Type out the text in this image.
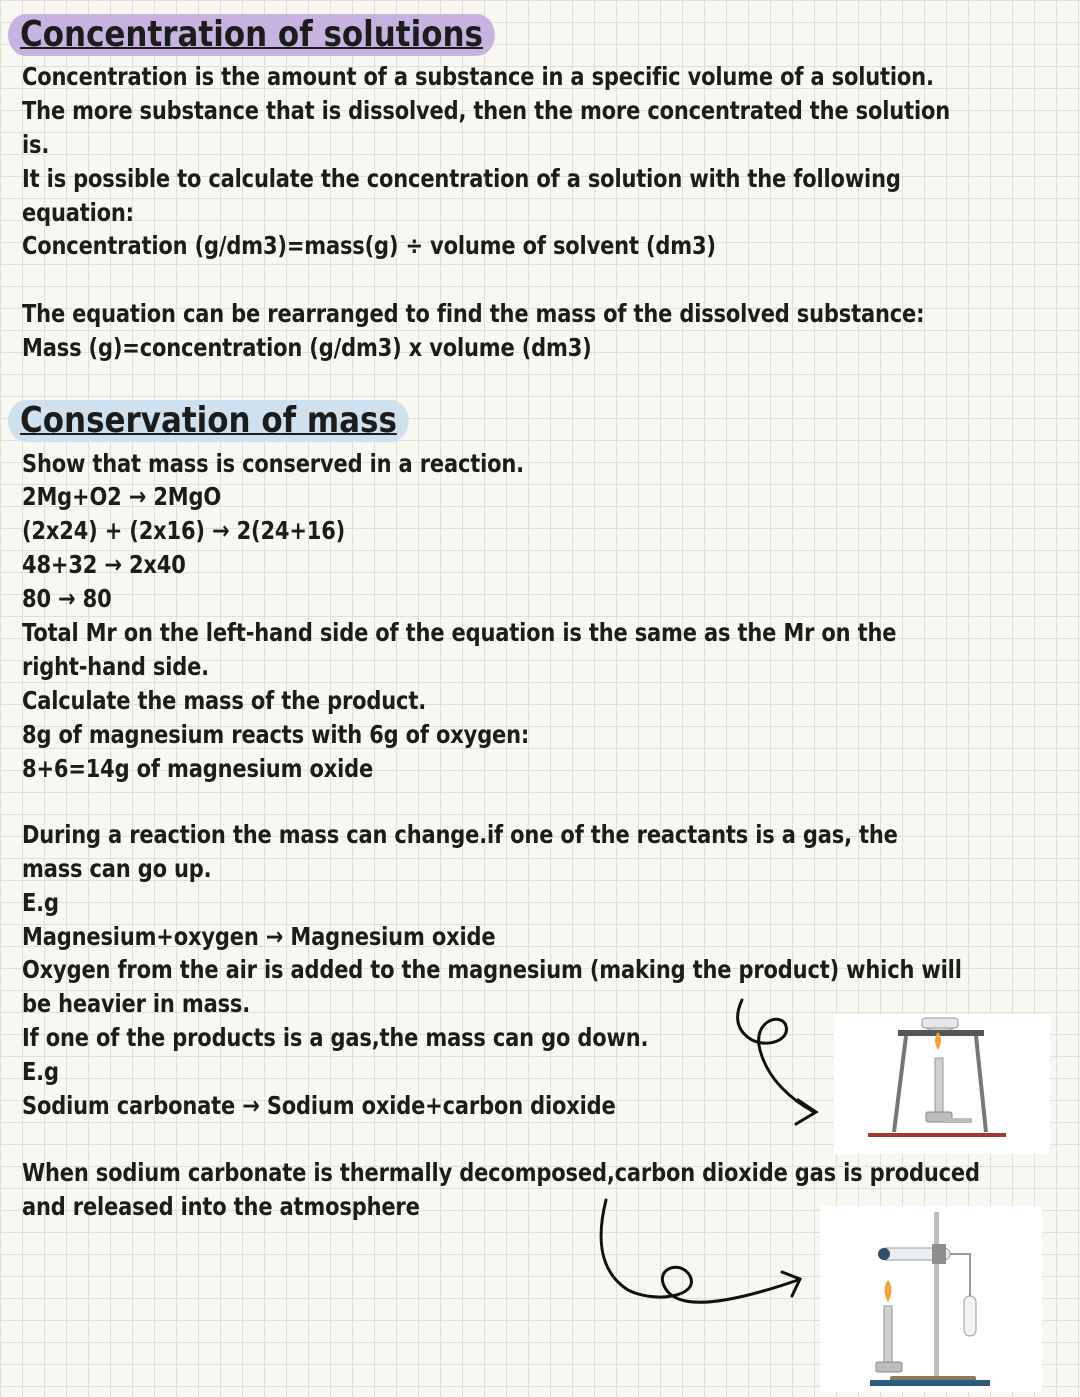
Concentration of solutions

Concentration is the amount of a substance in a specific volume of a solution.

The more substance that is dissolved, then the more concentrated the solution

is.

It is possible to calculate the concentration of a solution with the following

equation:

Concentration (g/dm3)=mass(g) ÷ volume of solvent (dm3)

The equation can be rearranged to find the mass of the dissolved substance:

Mass (g)=concentration (g/dm3) x volume (dm3)

Conservation of mass

Show that mass is conserved in a reaction.

2Mg+O2 → 2MgO

(2x24) + (2x16) → 2(24+16)

48+32 → 2x40

80 → 80

Total Mr on the left-hand side of the equation is the same as the Mr on the

right-hand side.

Calculate the mass of the product.

8g of magnesium reacts with 6g of oxygen:

8+6=14g of magnesium oxide

During a reaction the mass can change.if one of the reactants is a gas, the

mass can go up.

E.g

Magnesium+oxygen → Magnesium oxide

Oxygen from the air is added to the magnesium (making the product) which will

be heavier in mass.

If one of the products is a gas,the mass can go down.

E.g

Sodium carbonate → Sodium oxide+carbon dioxide

When sodium carbonate is thermally decomposed,carbon dioxide gas is produced

and released into the atmosphere
